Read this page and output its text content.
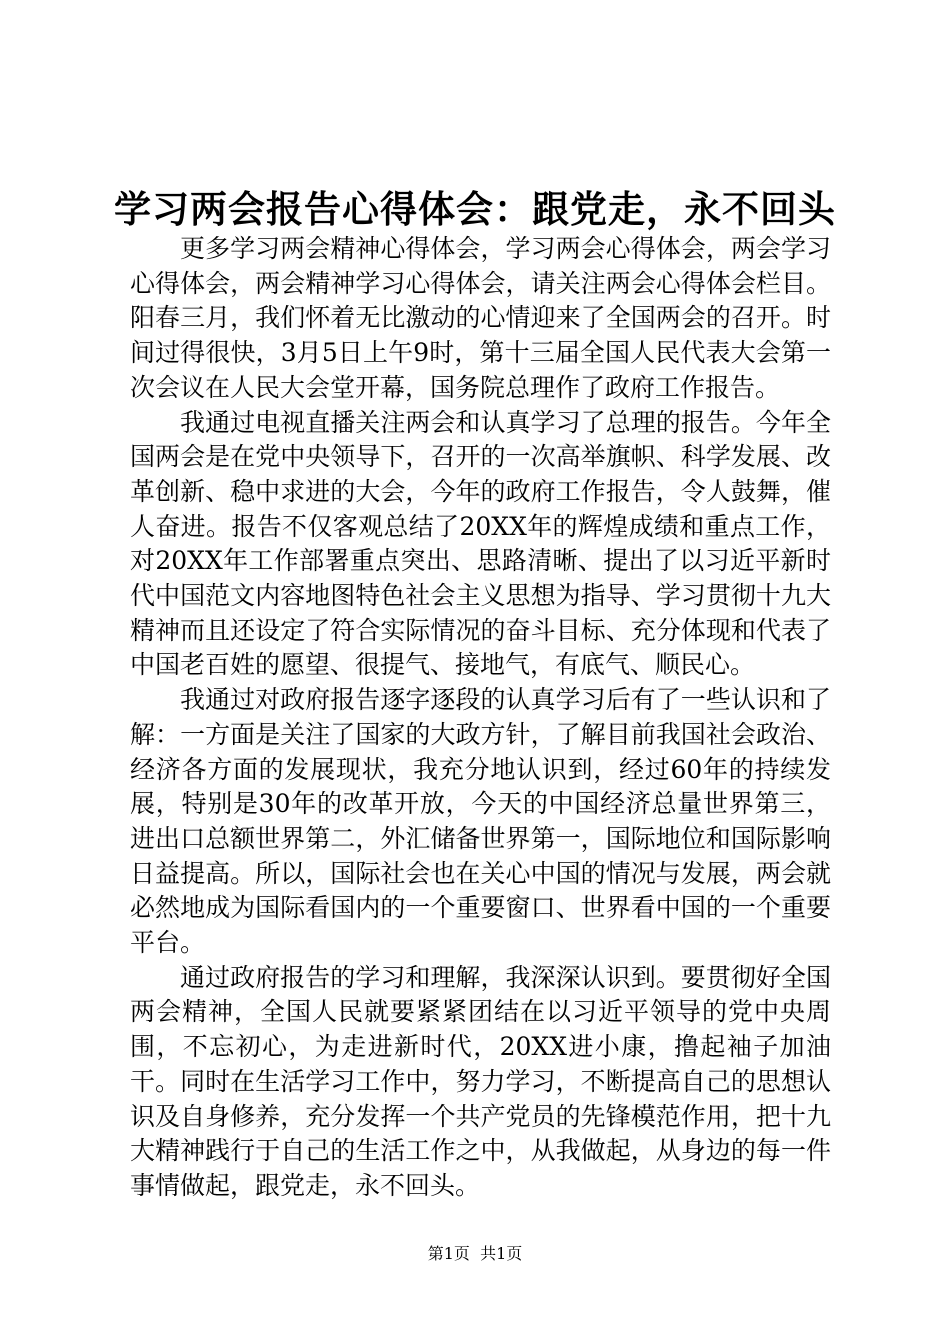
学习两会报告心得体会：跟党走，永不回头

更多学习两会精神心得体会，学习两会心得体会，两会学习心得体会，两会精神学习心得体会，请关注两会心得体会栏目。阳春三月，我们怀着无比激动的心情迎来了全国两会的召开。时间过得很快，3月5日上午9时，第十三届全国人民代表大会第一次会议在人民大会堂开幕，国务院总理作了政府工作报告。

我通过电视直播关注两会和认真学习了总理的报告。今年全国两会是在党中央领导下，召开的一次高举旗帜、科学发展、改革创新、稳中求进的大会，今年的政府工作报告，令人鼓舞，催人奋进。报告不仅客观总结了20XX年的辉煌成绩和重点工作，对20XX年工作部署重点突出、思路清晰、提出了以习近平新时代中国范文内容地图特色社会主义思想为指导、学习贯彻十九大精神而且还设定了符合实际情况的奋斗目标、充分体现和代表了中国老百姓的愿望、很提气、接地气，有底气、顺民心。

我通过对政府报告逐字逐段的认真学习后有了一些认识和了解：一方面是关注了国家的大政方针，了解目前我国社会政治、经济各方面的发展现状，我充分地认识到，经过60年的持续发展，特别是30年的改革开放，今天的中国经济总量世界第三，进出口总额世界第二，外汇储备世界第一，国际地位和国际影响日益提高。所以，国际社会也在关心中国的情况与发展，两会就必然地成为国际看国内的一个重要窗口、世界看中国的一个重要平台。

通过政府报告的学习和理解，我深深认识到。要贯彻好全国两会精神，全国人民就要紧紧团结在以习近平领导的党中央周围，不忘初心，为走进新时代，20XX进小康，撸起袖子加油干。同时在生活学习工作中，努力学习，不断提高自己的思想认识及自身修养，充分发挥一个共产党员的先锋模范作用，把十九大精神践行于自己的生活工作之中，从我做起，从身边的每一件事情做起，跟党走，永不回头。

第1页  共1页
